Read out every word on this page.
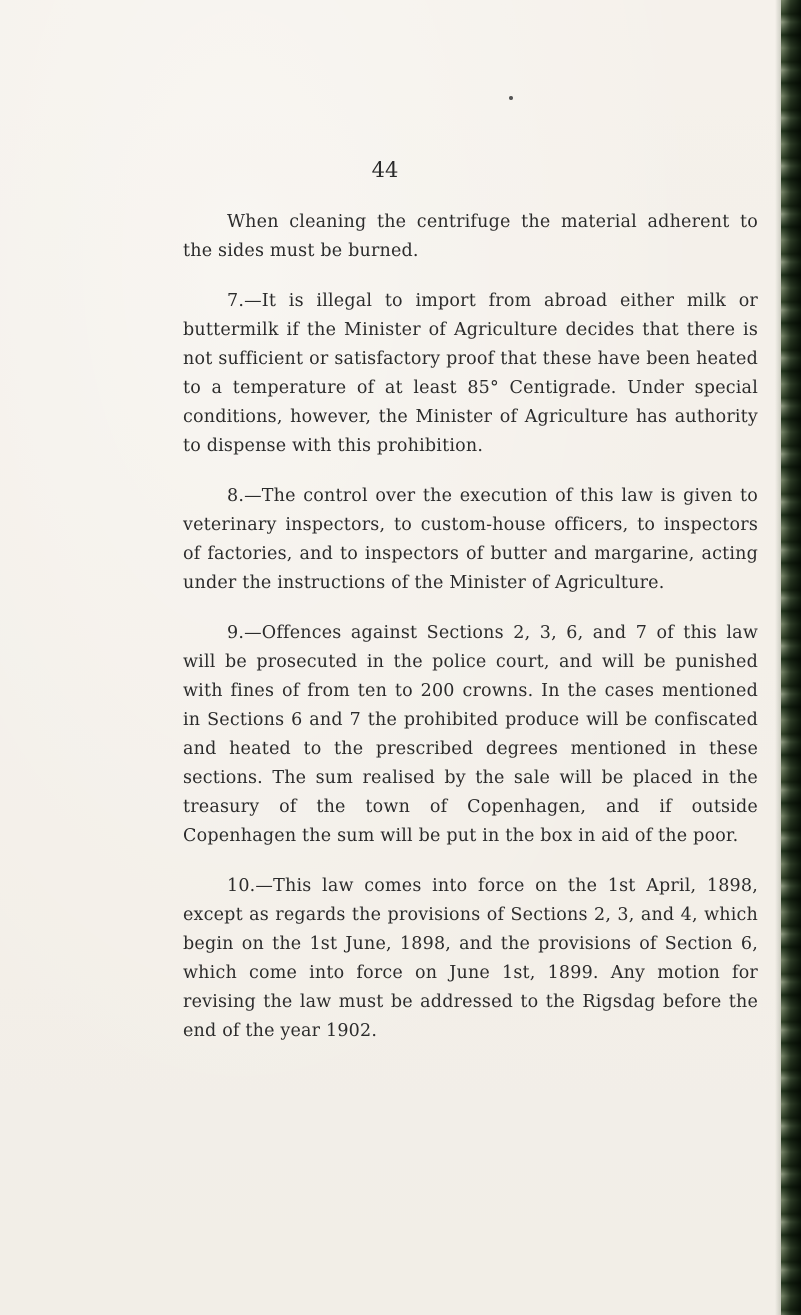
44

When cleaning the centrifuge the material adherent to the sides must be burned.

7.—It is illegal to import from abroad either milk or buttermilk if the Minister of Agriculture decides that there is not sufficient or satisfactory proof that these have been heated to a temperature of at least 85° Centigrade. Under special conditions, however, the Minister of Agriculture has authority to dispense with this prohibition.

8.—The control over the execution of this law is given to veterinary inspectors, to custom-house officers, to inspectors of factories, and to inspectors of butter and margarine, acting under the instructions of the Minister of Agriculture.

9.—Offences against Sections 2, 3, 6, and 7 of this law will be prosecuted in the police court, and will be punished with fines of from ten to 200 crowns. In the cases mentioned in Sections 6 and 7 the prohibited produce will be confiscated and heated to the prescribed degrees mentioned in these sections. The sum realised by the sale will be placed in the treasury of the town of Copenhagen, and if outside Copenhagen the sum will be put in the box in aid of the poor.

10.—This law comes into force on the 1st April, 1898, except as regards the provisions of Sections 2, 3, and 4, which begin on the 1st June, 1898, and the provisions of Section 6, which come into force on June 1st, 1899. Any motion for revising the law must be addressed to the Rigsdag before the end of the year 1902.
